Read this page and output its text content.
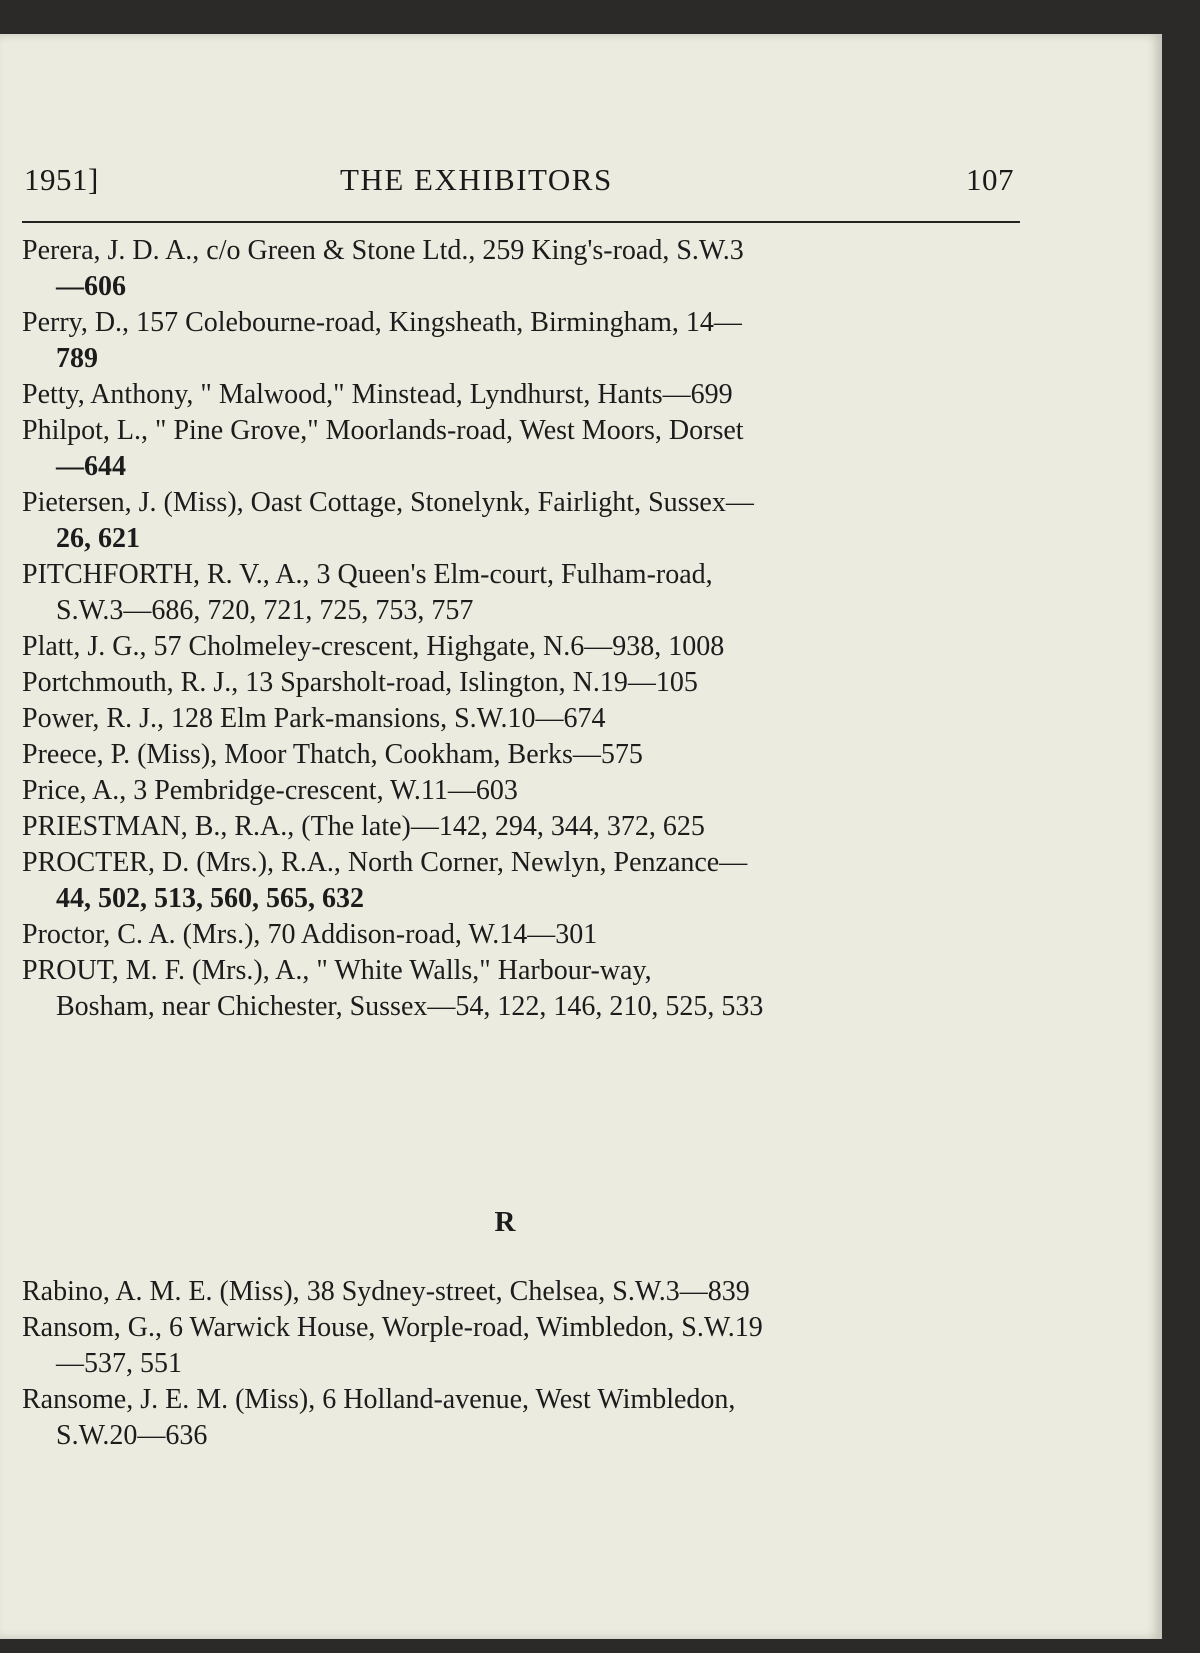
1951]	THE EXHIBITORS	107
Perera, J. D. A., c/o Green & Stone Ltd., 259 King's-road, S.W.3
—606
Perry, D., 157 Colebourne-road, Kingsheath, Birmingham, 14—
789
Petty, Anthony, " Malwood," Minstead, Lyndhurst, Hants—699
Philpot, L., " Pine Grove," Moorlands-road, West Moors, Dorset
—644
Pietersen, J. (Miss), Oast Cottage, Stonelynk, Fairlight, Sussex—
26, 621
PITCHFORTH, R. V., A., 3 Queen's Elm-court, Fulham-road,
S.W.3—686, 720, 721, 725, 753, 757
Platt, J. G., 57 Cholmeley-crescent, Highgate, N.6—938, 1008
Portchmouth, R. J., 13 Sparsholt-road, Islington, N.19—105
Power, R. J., 128 Elm Park-mansions, S.W.10—674
Preece, P. (Miss), Moor Thatch, Cookham, Berks—575
Price, A., 3 Pembridge-crescent, W.11—603
PRIESTMAN, B., R.A., (The late)—142, 294, 344, 372, 625
PROCTER, D. (Mrs.), R.A., North Corner, Newlyn, Penzance—
44, 502, 513, 560, 565, 632
Proctor, C. A. (Mrs.), 70 Addison-road, W.14—301
PROUT, M. F. (Mrs.), A., " White Walls," Harbour-way,
Bosham, near Chichester, Sussex—54, 122, 146, 210, 525, 533
R
Rabino, A. M. E. (Miss), 38 Sydney-street, Chelsea, S.W.3—839
Ransom, G., 6 Warwick House, Worple-road, Wimbledon, S.W.19
—537, 551
Ransome, J. E. M. (Miss), 6 Holland-avenue, West Wimbledon,
S.W.20—636
